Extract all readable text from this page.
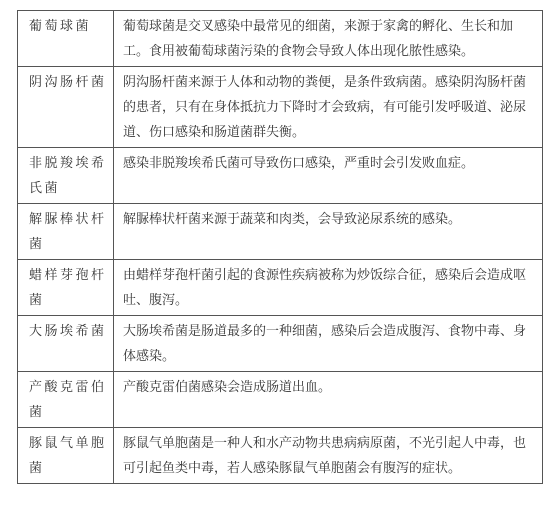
葡萄球菌	葡萄球菌是交叉感染中最常见的细菌，来源于家禽的孵化、生长和加工。食用被葡萄球菌污染的食物会导致人体出现化脓性感染。
阴沟肠杆菌	阴沟肠杆菌来源于人体和动物的粪便，是条件致病菌。感染阴沟肠杆菌的患者，只有在身体抵抗力下降时才会致病，有可能引发呼吸道、泌尿道、伤口感染和肠道菌群失衡。
非脱羧埃希氏菌	感染非脱羧埃希氏菌可导致伤口感染，严重时会引发败血症。
解脲棒状杆菌	解脲棒状杆菌来源于蔬菜和肉类，会导致泌尿系统的感染。
蜡样芽孢杆菌	由蜡样芽孢杆菌引起的食源性疾病被称为炒饭综合征，感染后会造成呕吐、腹泻。
大肠埃希菌	大肠埃希菌是肠道最多的一种细菌，感染后会造成腹泻、食物中毒、身体感染。
产酸克雷伯菌	产酸克雷伯菌感染会造成肠道出血。
豚鼠气单胞菌	豚鼠气单胞菌是一种人和水产动物共患病病原菌，不光引起人中毒，也可引起鱼类中毒，若人感染豚鼠气单胞菌会有腹泻的症状。
